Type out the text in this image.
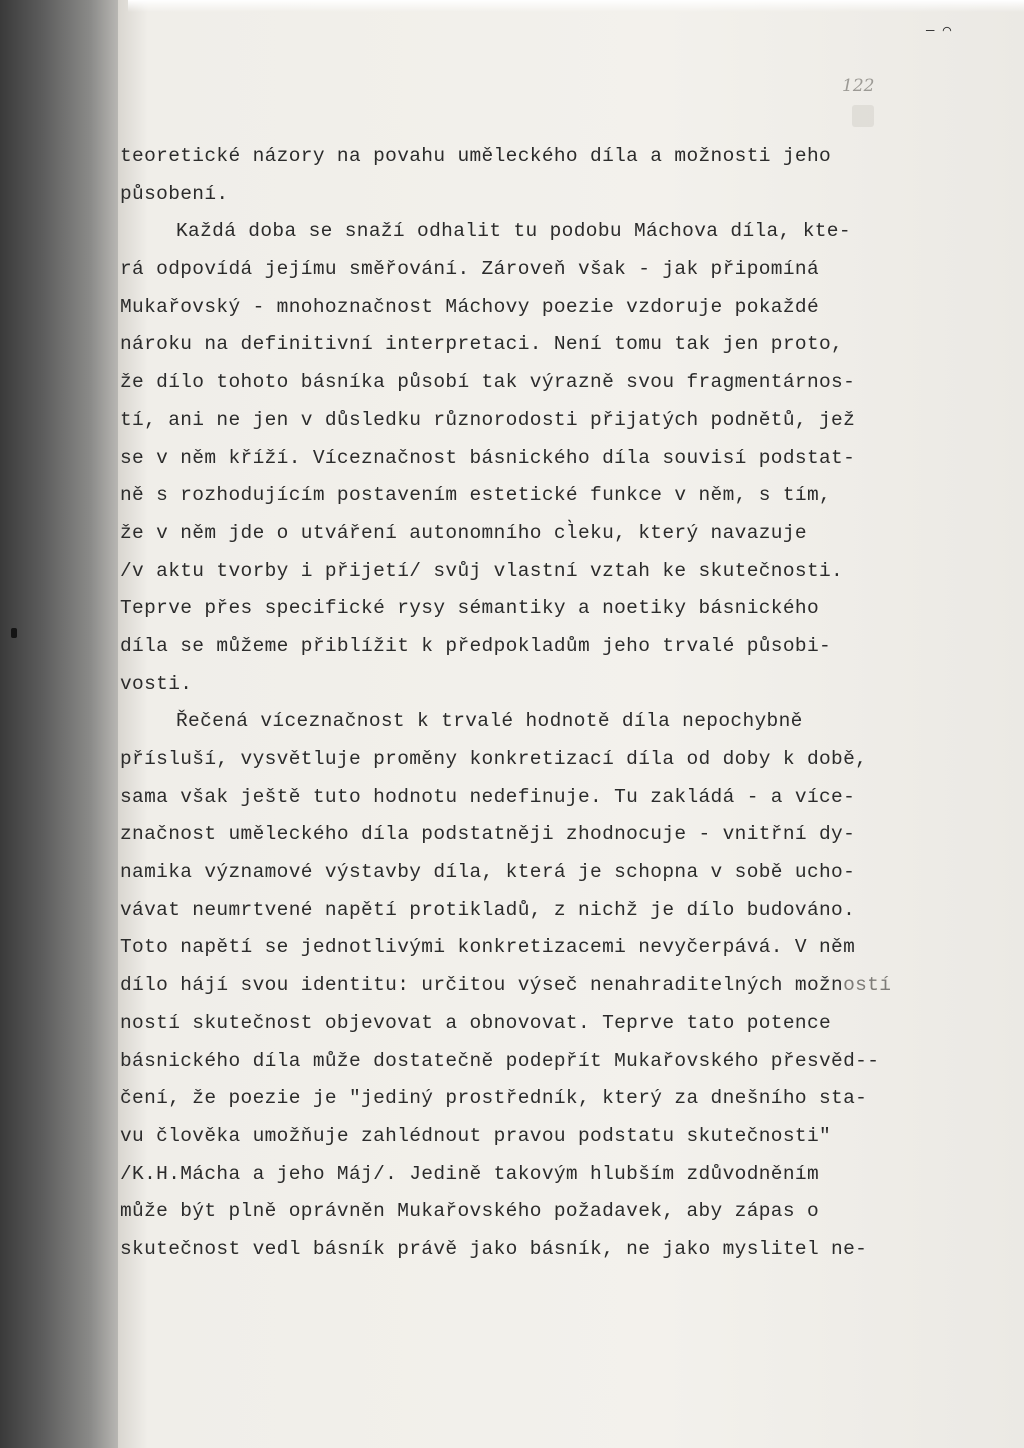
— ⌒
122
teoretické názory na povahu uměleckého díla a možnosti jeho
působení.
Každá doba se snaží odhalit tu podobu Máchova díla, kte-
rá odpovídá jejímu směřování. Zároveň však - jak připomíná
Mukařovský - mnohoznačnost Máchovy poezie vzdoruje pokaždé
nároku na definitivní interpretaci. Není tomu tak jen proto,
že dílo tohoto básníka působí tak výrazně svou fragmentárnos-
tí, ani ne jen v důsledku různorodosti přijatých podnětů, jež
se v něm kříží. Víceznačnost básnického díla souvisí podstat-
ně s rozhodujícím postavením estetické funkce v něm, s tím,
že v něm jde o utváření autonomního cl̀eku, který navazuje
/v aktu tvorby i přijetí/ svůj vlastní vztah ke skutečnosti.
Teprve přes specifické rysy sémantiky a noetiky básnického
díla se můžeme přiblížit k předpokladům jeho trvalé působi-
vosti.
Řečená víceznačnost k trvalé hodnotě díla nepochybně
přísluší, vysvětluje proměny konkretizací díla od doby k době,
sama však ještě tuto hodnotu nedefinuje. Tu zakládá - a více-
značnost uměleckého díla podstatněji zhodnocuje - vnitřní dy-
namika významové výstavby díla, která je schopna v sobě ucho-
vávat neumrtvené napětí protikladů, z nichž je dílo budováno.
Toto napětí se jednotlivými konkretizacemi nevyčerpává. V něm
dílo hájí svou identitu: určitou výseč nenahraditelných možností
ností skutečnost objevovat a obnovovat. Teprve tato potence
básnického díla může dostatečně podepřít Mukařovského přesvěd--
čení, že poezie je "jediný prostředník, který za dnešního sta-
vu člověka umožňuje zahlédnout pravou podstatu skutečnosti"
/K.H.Mácha a jeho Máj/. Jedině takovým hlubším zdůvodněním
může být plně oprávněn Mukařovského požadavek, aby zápas o
skutečnost vedl básník právě jako básník, ne jako myslitel ne-
